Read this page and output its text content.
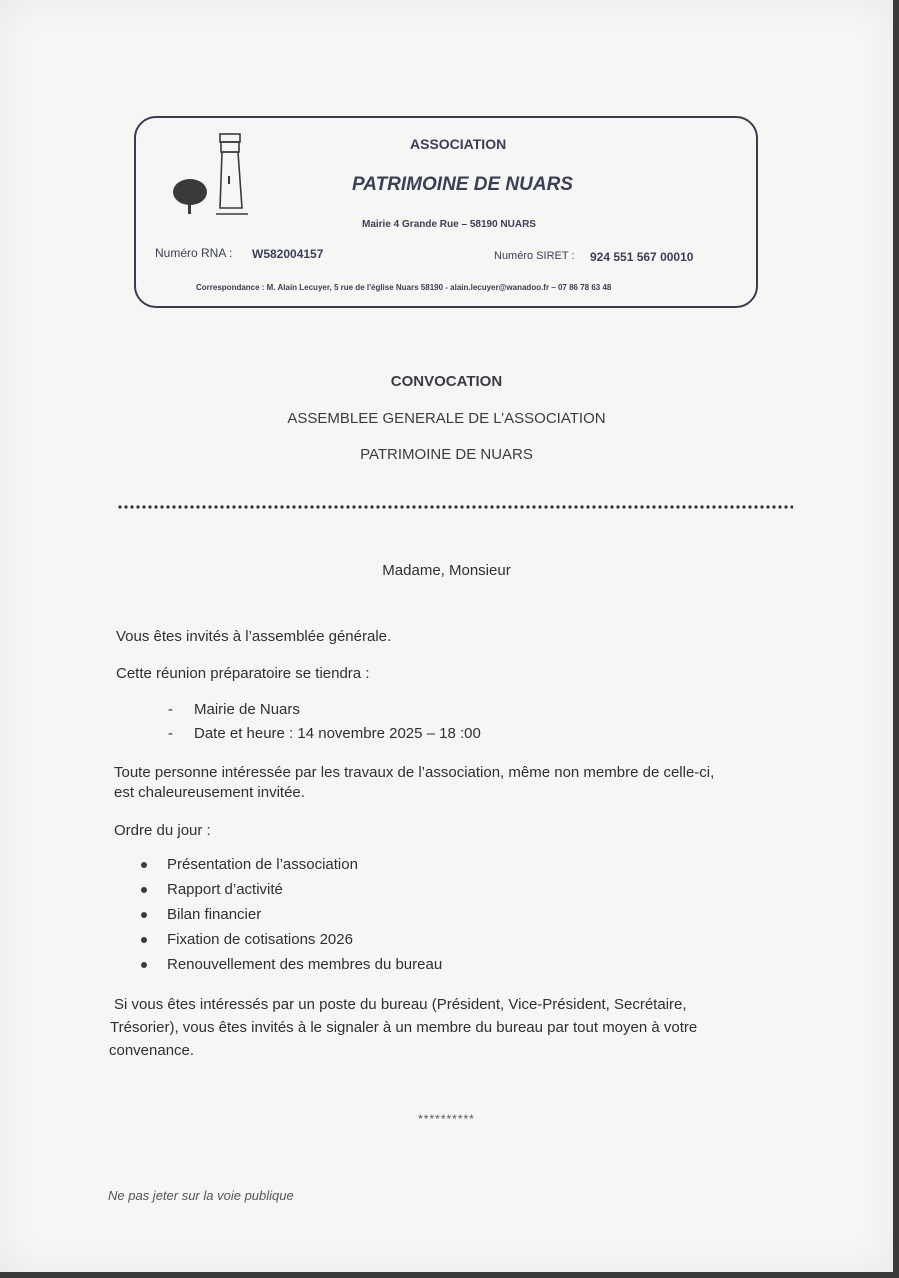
ASSOCIATION
PATRIMOINE DE NUARS
Mairie 4 Grande Rue – 58190 NUARS
Numéro RNA : W582004157	Numéro SIRET : 924 551 567 00010
Correspondance : M. Alain Lecuyer, 5 rue de l'église Nuars 58190 - alain.lecuyer@wanadoo.fr – 07 86 78 63 48
CONVOCATION
ASSEMBLEE GENERALE DE L’ASSOCIATION
PATRIMOINE DE NUARS
Madame, Monsieur
Vous êtes invités à l’assemblée générale.
Cette réunion préparatoire se tiendra :
- Mairie de Nuars
- Date et heure : 14 novembre 2025 – 18 :00
Toute personne intéressée par les travaux de l’association, même non membre de celle-ci,
est chaleureusement invitée.
Ordre du jour :
Présentation de l’association
Rapport d’activité
Bilan financier
Fixation de cotisations 2026
Renouvellement des membres du bureau
Si vous êtes intéressés par un poste du bureau (Président, Vice-Président, Secrétaire,
Trésorier), vous êtes invités à le signaler à un membre du bureau par tout moyen à votre
convenance.
**********
Ne pas jeter sur la voie publique
